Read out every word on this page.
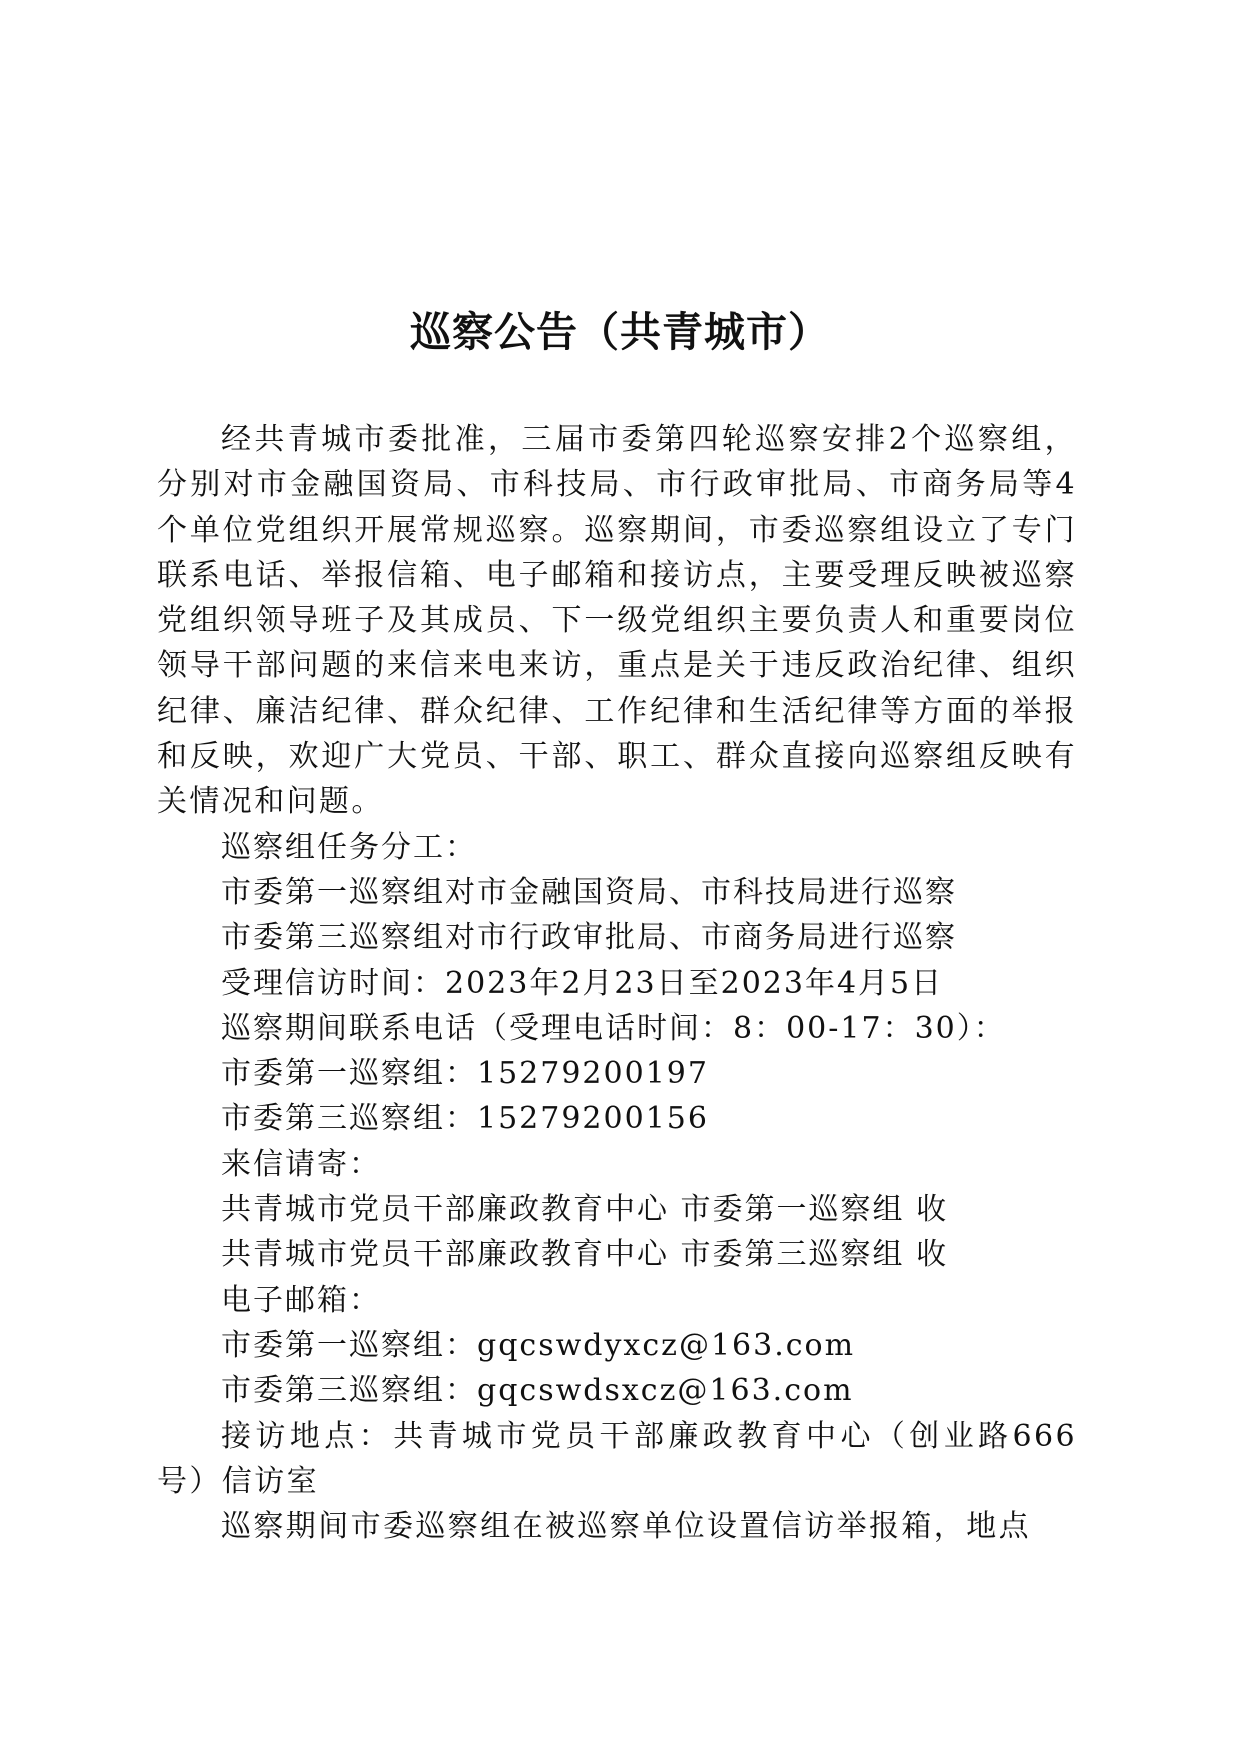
巡察公告（共青城市）

经共青城市委批准，三届市委第四轮巡察安排2个巡察组，分别对市金融国资局、市科技局、市行政审批局、市商务局等4个单位党组织开展常规巡察。巡察期间，市委巡察组设立了专门联系电话、举报信箱、电子邮箱和接访点，主要受理反映被巡察党组织领导班子及其成员、下一级党组织主要负责人和重要岗位领导干部问题的来信来电来访，重点是关于违反政治纪律、组织纪律、廉洁纪律、群众纪律、工作纪律和生活纪律等方面的举报和反映，欢迎广大党员、干部、职工、群众直接向巡察组反映有关情况和问题。

巡察组任务分工：

市委第一巡察组对市金融国资局、市科技局进行巡察

市委第三巡察组对市行政审批局、市商务局进行巡察

受理信访时间：2023年2月23日至2023年4月5日

巡察期间联系电话（受理电话时间：8：00-17：30）：

市委第一巡察组：15279200197

市委第三巡察组：15279200156

来信请寄：

共青城市党员干部廉政教育中心 市委第一巡察组 收

共青城市党员干部廉政教育中心 市委第三巡察组 收

电子邮箱：

市委第一巡察组：gqcswdyxcz@163.com

市委第三巡察组：gqcswdsxcz@163.com

接访地点：共青城市党员干部廉政教育中心（创业路666号）信访室

巡察期间市委巡察组在被巡察单位设置信访举报箱，地点
